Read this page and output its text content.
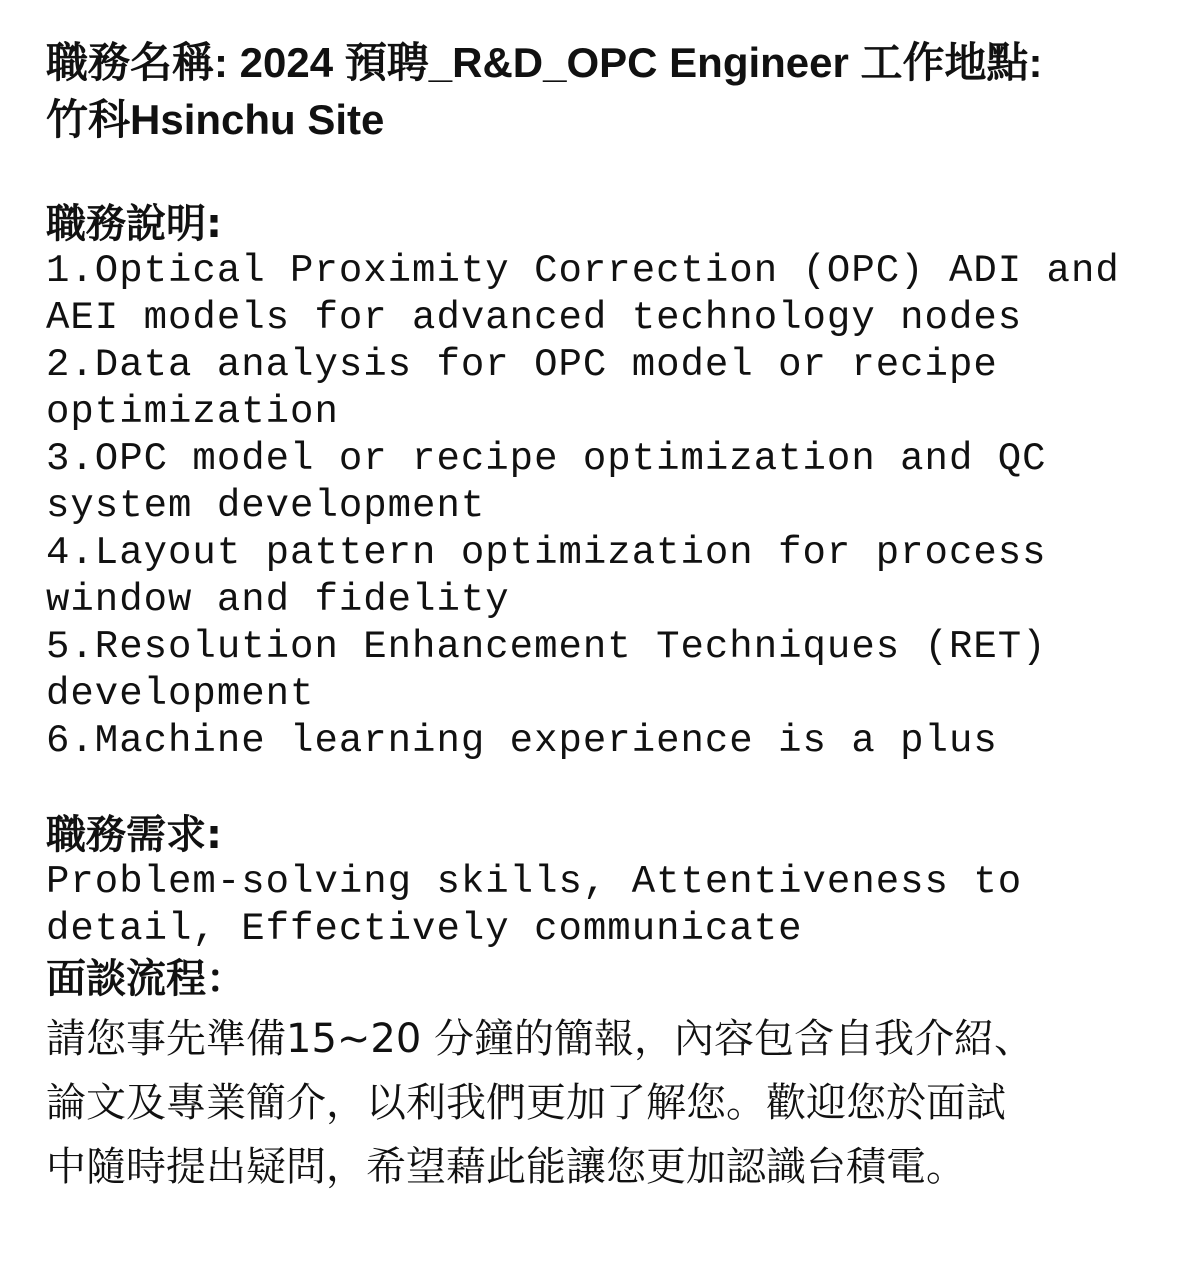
職務名稱: 2024 預聘_R&D_OPC Engineer 工作地點:
竹科Hsinchu Site
職務說明:
1.Optical Proximity Correction (OPC) ADI and AEI models for advanced technology nodes
2.Data analysis for OPC model or recipe optimization
3.OPC model or recipe optimization and QC system development
4.Layout pattern optimization for process window and fidelity
5.Resolution Enhancement Techniques (RET) development
6.Machine learning experience is a plus
職務需求:

Problem-solving skills, Attentiveness to detail, Effectively communicate

面談流程：

請您事先準備15~20 分鐘的簡報，內容包含自我介紹、
論文及專業簡介，以利我們更加了解您。歡迎您於面試
中隨時提出疑問，希望藉此能讓您更加認識台積電。
